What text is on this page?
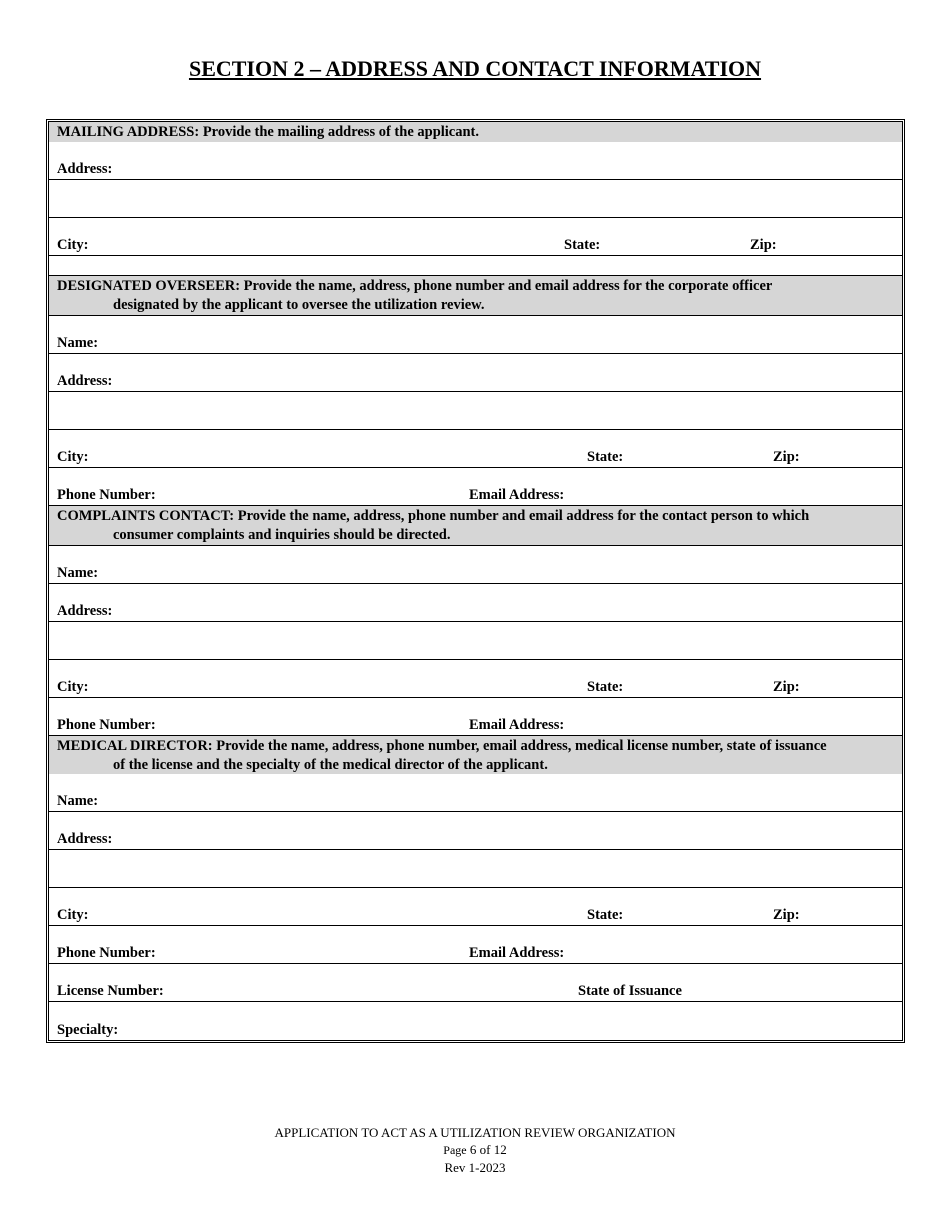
SECTION 2 – ADDRESS AND CONTACT INFORMATION
MAILING ADDRESS: Provide the mailing address of the applicant.
Address:
City:	State:	Zip:
DESIGNATED OVERSEER: Provide the name, address, phone number and email address for the corporate officer
designated by the applicant to oversee the utilization review.
Name:
Address:
City:	State:	Zip:
Phone Number:	Email Address:
COMPLAINTS CONTACT: Provide the name, address, phone number and email address for the contact person to which
consumer complaints and inquiries should be directed.
Name:
Address:
City:	State:	Zip:
Phone Number:	Email Address:
MEDICAL DIRECTOR: Provide the name, address, phone number, email address, medical license number, state of issuance
of the license and the specialty of the medical director of the applicant.
Name:
Address:
City:	State:	Zip:
Phone Number:	Email Address:
License Number:	State of Issuance
Specialty:
APPLICATION TO ACT AS A UTILIZATION REVIEW ORGANIZATION
Page 6 of 12
Rev 1-2023
